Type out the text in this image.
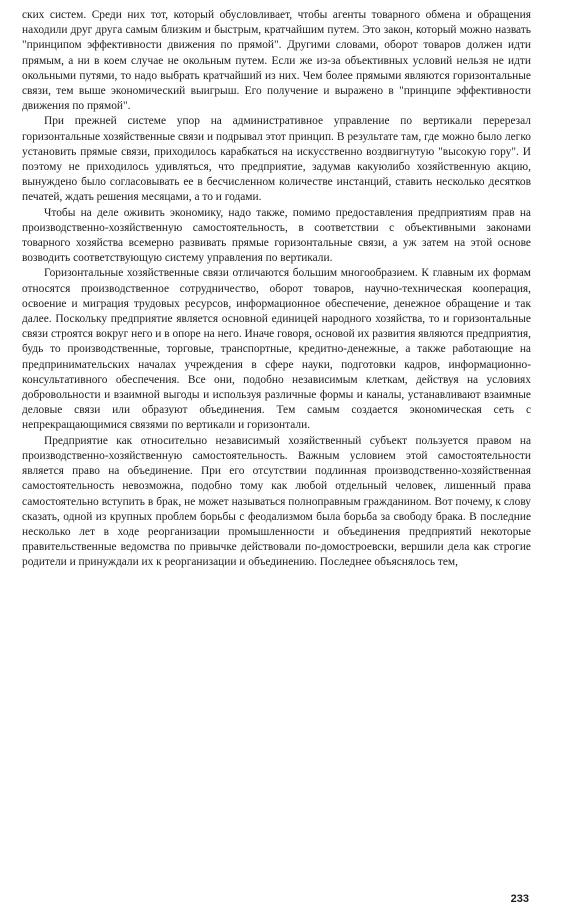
ских систем. Среди них тот, который обусловливает, чтобы агенты товарного обмена и обращения находили друг друга самым близким и быстрым, кратчайшим путем. Это закон, который можно назвать "принципом эффективности движения по прямой". Другими словами, оборот товаров должен идти прямым, а ни в коем случае не окольным путем. Если же из-за объективных условий нельзя не идти окольными путями, то надо выбрать кратчайший из них. Чем более прямыми являются горизонтальные связи, тем выше экономический выигрыш. Его получение и выражено в "принципе эффективности движения по прямой".

При прежней системе упор на административное управление по вертикали перерезал горизонтальные хозяйственные связи и подрывал этот принцип. В результате там, где можно было легко установить прямые связи, приходилось карабкаться на искусственно воздвигнутую "высокую гору". И поэтому не приходилось удивляться, что предприятие, задумав какуюлибо хозяйственную акцию, вынуждено было согласовывать ее в бесчисленном количестве инстанций, ставить несколько десятков печатей, ждать решения месяцами, а то и годами.

Чтобы на деле оживить экономику, надо также, помимо предоставления предприятиям прав на производственно-хозяйственную самостоятельность, в соответствии с объективными законами товарного хозяйства всемерно развивать прямые горизонтальные связи, а уж затем на этой основе возводить соответствующую систему управления по вертикали.

Горизонтальные хозяйственные связи отличаются большим многообразием. К главным их формам относятся производственное сотрудничество, оборот товаров, научно-техническая кооперация, освоение и миграция трудовых ресурсов, информационное обеспечение, денежное обращение и так далее. Поскольку предприятие является основной единицей народного хозяйства, то и горизонтальные связи строятся вокруг него и в опоре на него. Иначе говоря, основой их развития являются предприятия, будь то производственные, торговые, транспортные, кредитно-денежные, а также работающие на предпринимательских началах учреждения в сфере науки, подготовки кадров, информационно-консультативного обеспечения. Все они, подобно независимым клеткам, действуя на условиях добровольности и взаимной выгоды и используя различные формы и каналы, устанавливают взаимные деловые связи или образуют объединения. Тем самым создается экономическая сеть с непрекращающимися связями по вертикали и горизонтали.

Предприятие как относительно независимый хозяйственный субъект пользуется правом на производственно-хозяйственную самостоятельность. Важным условием этой самостоятельности является право на объединение. При его отсутствии подлинная производственно-хозяйственная самостоятельность невозможна, подобно тому как любой отдельный человек, лишенный права самостоятельно вступить в брак, не может называться полноправным гражданином. Вот почему, к слову сказать, одной из крупных проблем борьбы с феодализмом была борьба за свободу брака. В последние несколько лет в ходе реорганизации промышленности и объединения предприятий некоторые правительственные ведомства по привычке действовали по-домостроевски, вершили дела как строгие родители и принуждали их к реорганизации и объединению. Последнее объяснялось тем,

233
